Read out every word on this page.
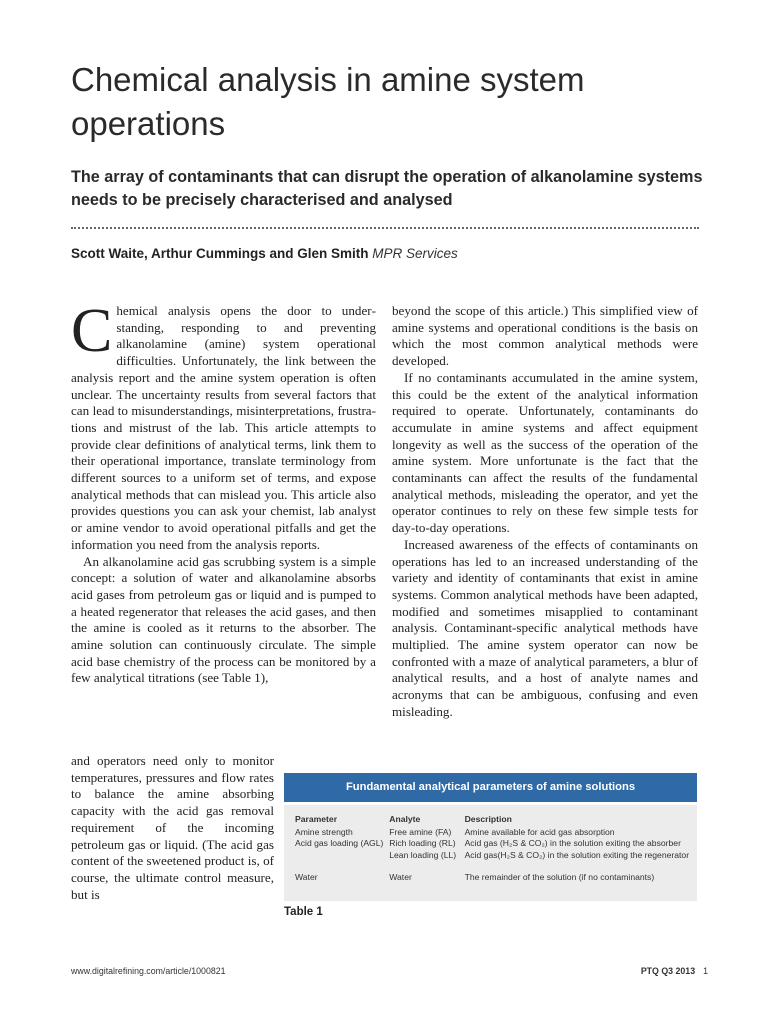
Chemical analysis in amine system operations
The array of contaminants that can disrupt the operation of alkanolamine systems needs to be precisely characterised and analysed
Scott Waite, Arthur Cummings and Glen Smith MPR Services

Chemical analysis opens the door to understanding, responding to and preventing alkanolamine (amine) system operational difficulties. Unfortunately, the link between the analysis report and the amine system operation is often unclear. The uncertainty results from several factors that can lead to misunderstandings, misinterpretations, frustrations and mistrust of the lab. This article attempts to provide clear definitions of analytical terms, link them to their operational importance, translate terminology from different sources to a uniform set of terms, and expose analytical methods that can mislead you. This article also provides questions you can ask your chemist, lab analyst or amine vendor to avoid operational pitfalls and get the information you need from the analysis reports.

An alkanolamine acid gas scrubbing system is a simple concept: a solution of water and alkanolamine absorbs acid gases from petroleum gas or liquid and is pumped to a heated regenerator that releases the acid gases, and then the amine is cooled as it returns to the absorber. The amine solution can continuously circulate. The simple acid base chemistry of the process can be monitored by a few analytical titrations (see Table 1),

and operators need only to monitor temperatures, pressures and flow rates to balance the amine absorbing capacity with the acid gas removal requirement of the incoming petroleum gas or liquid. (The acid gas content of the sweetened product is, of course, the ultimate control measure, but is

beyond the scope of this article.) This simplified view of amine systems and operational conditions is the basis on which the most common analytical methods were developed.

If no contaminants accumulated in the amine system, this could be the extent of the analytical information required to operate. Unfortunately, contaminants do accumulate in amine systems and affect equipment longevity as well as the success of the operation of the amine system. More unfortunate is the fact that the contaminants can affect the results of the fundamental analytical methods, misleading the operator, and yet the operator continues to rely on these few simple tests for day-to-day operations.

Increased awareness of the effects of contaminants on operations has led to an increased understanding of the variety and identity of contaminants that exist in amine systems. Common analytical methods have been adapted, modified and sometimes misapplied to contaminant analysis. Contaminant-specific analytical methods have multiplied. The amine system operator can now be confronted with a maze of analytical parameters, a blur of analytical results, and a host of analyte names and acronyms that can be ambiguous, confusing and even misleading.

Fundamental analytical parameters of amine solutions
Parameter	Analyte	Description
Amine strength	Free amine (FA)	Amine available for acid gas absorption
Acid gas loading (AGL)	Rich loading (RL)	Acid gas (H₂S & CO₂) in the solution exiting the absorber
	Lean loading (LL)	Acid gas(H₂S & CO₂) in the solution exiting the regenerator

Water	Water	The remainder of the solution (if no contaminants)
Table 1
www.digitalrefining.com/article/1000821	PTQ Q3 2013 1
